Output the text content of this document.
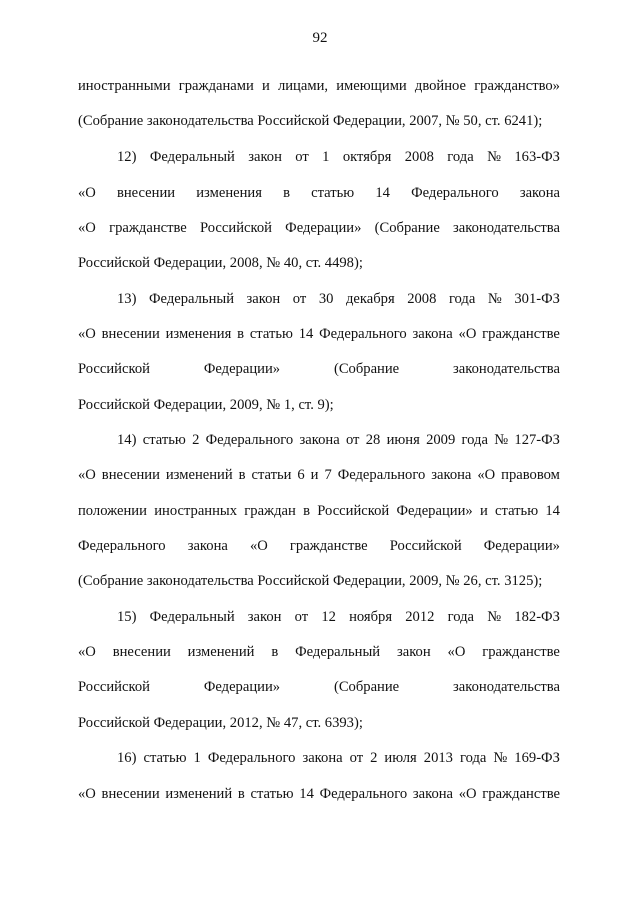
92
иностранными гражданами и лицами, имеющими двойное гражданство»
(Собрание законодательства Российской Федерации, 2007, № 50, ст. 6241);
12) Федеральный закон от 1 октября 2008 года № 163-ФЗ
«О внесении изменения в статью 14 Федерального закона
«О гражданстве Российской Федерации» (Собрание законодательства
Российской Федерации, 2008, № 40, ст. 4498);
13) Федеральный закон от 30 декабря 2008 года № 301-ФЗ
«О внесении изменения в статью 14 Федерального закона «О гражданстве
Российской	Федерации»	(Собрание	законодательства
Российской Федерации, 2009, № 1, ст. 9);
14) статью 2 Федерального закона от 28 июня 2009 года № 127-ФЗ
«О внесении изменений в статьи 6 и 7 Федерального закона «О правовом
положении иностранных граждан в Российской Федерации» и статью 14
Федерального закона «О гражданстве Российской Федерации»
(Собрание законодательства Российской Федерации, 2009, № 26, ст. 3125);
15) Федеральный закон от 12 ноября 2012 года № 182-ФЗ
«О внесении изменений в Федеральный закон «О гражданстве
Российской	Федерации»	(Собрание	законодательства
Российской Федерации, 2012, № 47, ст. 6393);
16) статью 1 Федерального закона от 2 июля 2013 года № 169-ФЗ
«О внесении изменений в статью 14 Федерального закона «О гражданстве
